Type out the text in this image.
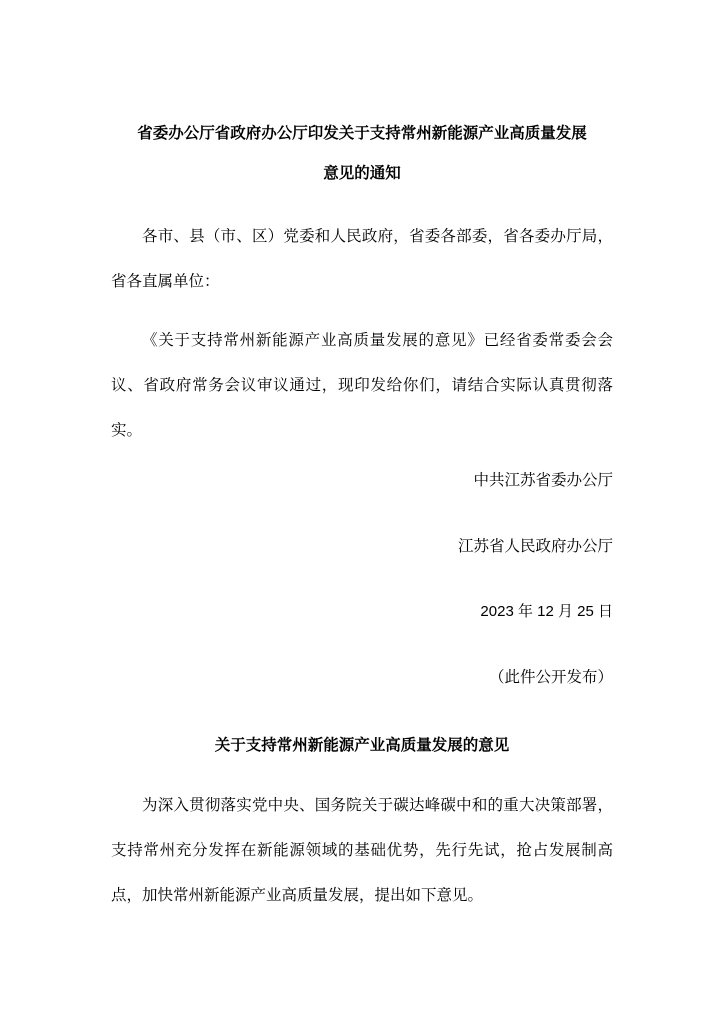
省委办公厅省政府办公厅印发关于支持常州新能源产业高质量发展
意见的通知

各市、县（市、区）党委和人民政府，省委各部委，省各委办厅局，省各直属单位：

《关于支持常州新能源产业高质量发展的意见》已经省委常委会会议、省政府常务会议审议通过，现印发给你们，请结合实际认真贯彻落实。

中共江苏省委办公厅
江苏省人民政府办公厅
2023 年 12 月 25 日
（此件公开发布）
关于支持常州新能源产业高质量发展的意见

为深入贯彻落实党中央、国务院关于碳达峰碳中和的重大决策部署，支持常州充分发挥在新能源领域的基础优势，先行先试，抢占发展制高点，加快常州新能源产业高质量发展，提出如下意见。
